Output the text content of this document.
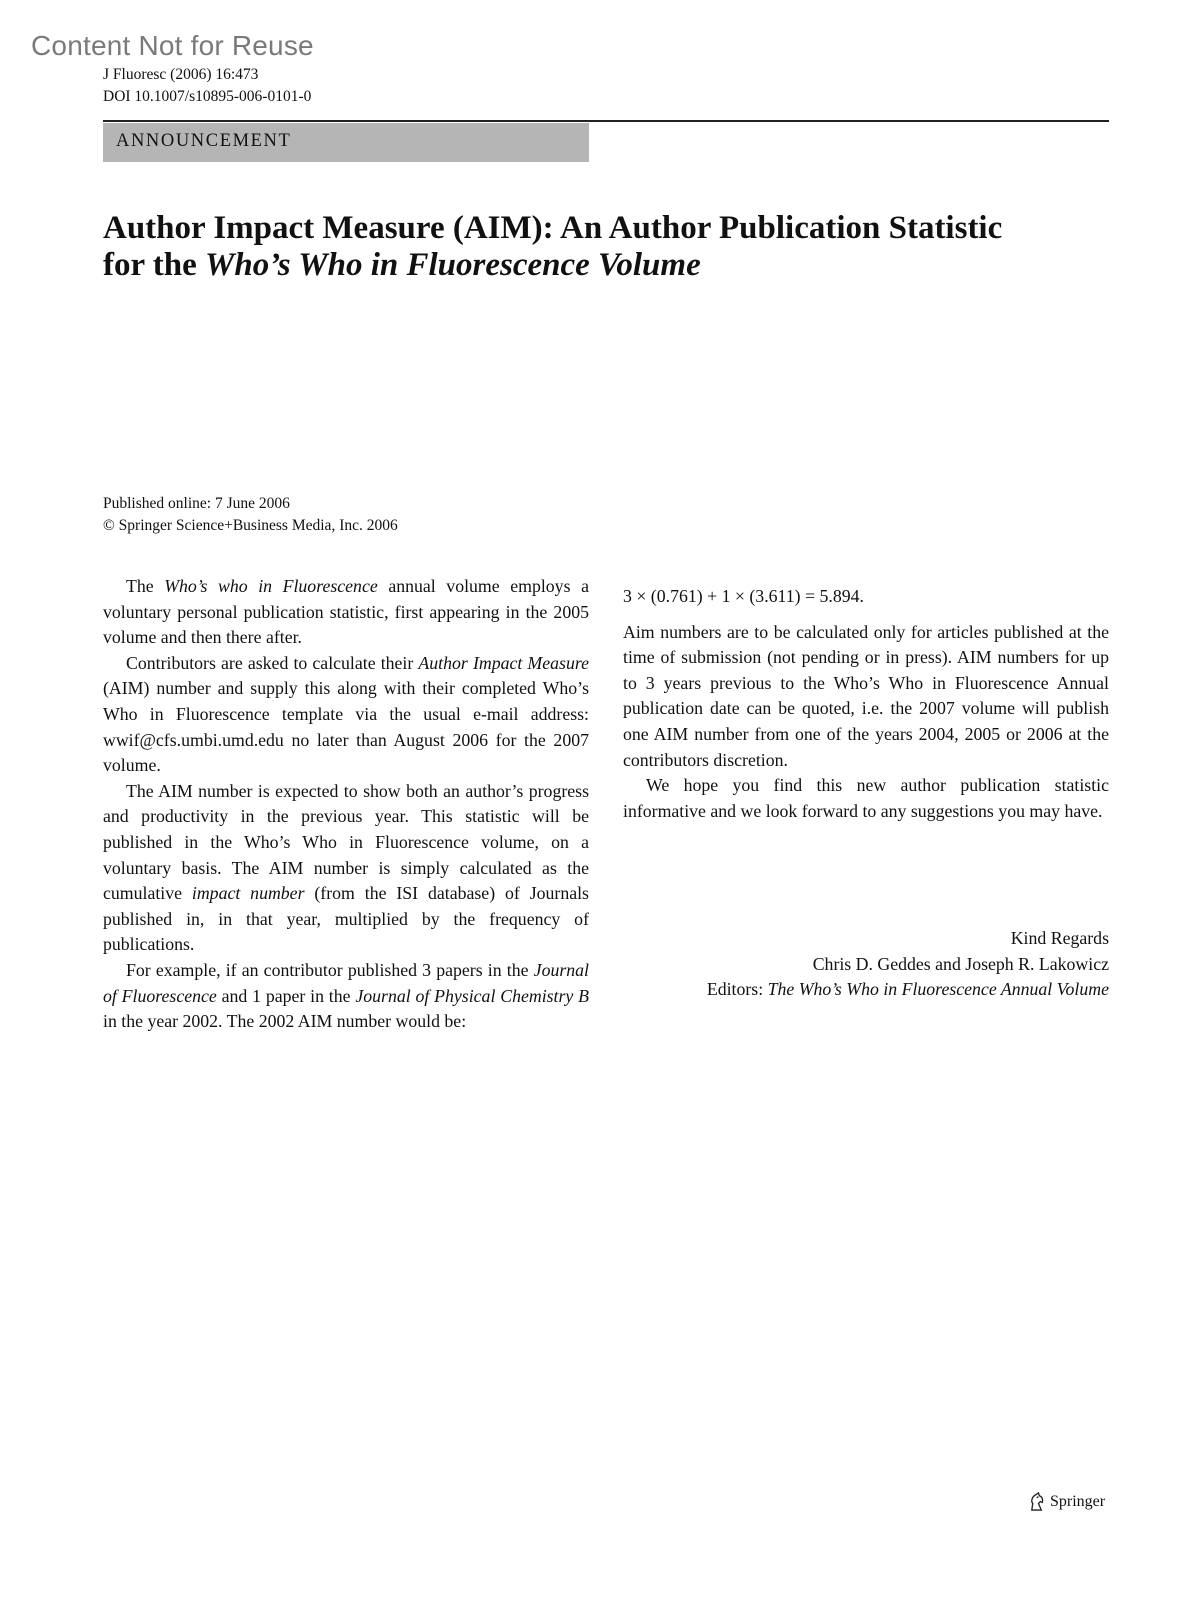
Content Not for Reuse
J Fluoresc (2006) 16:473
DOI 10.1007/s10895-006-0101-0
ANNOUNCEMENT
Author Impact Measure (AIM): An Author Publication Statistic
for the Who’s Who in Fluorescence Volume
Published online: 7 June 2006
© Springer Science+Business Media, Inc. 2006

The Who’s who in Fluorescence annual volume employs a voluntary personal publication statistic, first appearing in the 2005 volume and then there after.

Contributors are asked to calculate their Author Impact Measure (AIM) number and supply this along with their completed Who’s Who in Fluorescence template via the usual e-mail address: wwif@cfs.umbi.umd.edu no later than August 2006 for the 2007 volume.

The AIM number is expected to show both an author’s progress and productivity in the previous year. This statistic will be published in the Who’s Who in Fluorescence volume, on a voluntary basis. The AIM number is simply calculated as the cumulative impact number (from the ISI database) of Journals published in, in that year, multiplied by the frequency of publications.

For example, if an contributor published 3 papers in the Journal of Fluorescence and 1 paper in the Journal of Physical Chemistry B in the year 2002. The 2002 AIM number would be:

3 × (0.761) + 1 × (3.611) = 5.894.

Aim numbers are to be calculated only for articles published at the time of submission (not pending or in press). AIM numbers for up to 3 years previous to the Who’s Who in Fluorescence Annual publication date can be quoted, i.e. the 2007 volume will publish one AIM number from one of the years 2004, 2005 or 2006 at the contributors discretion.

We hope you find this new author publication statistic informative and we look forward to any suggestions you may have.

Kind Regards
Chris D. Geddes and Joseph R. Lakowicz
Editors: The Who’s Who in Fluorescence Annual Volume
Springer
